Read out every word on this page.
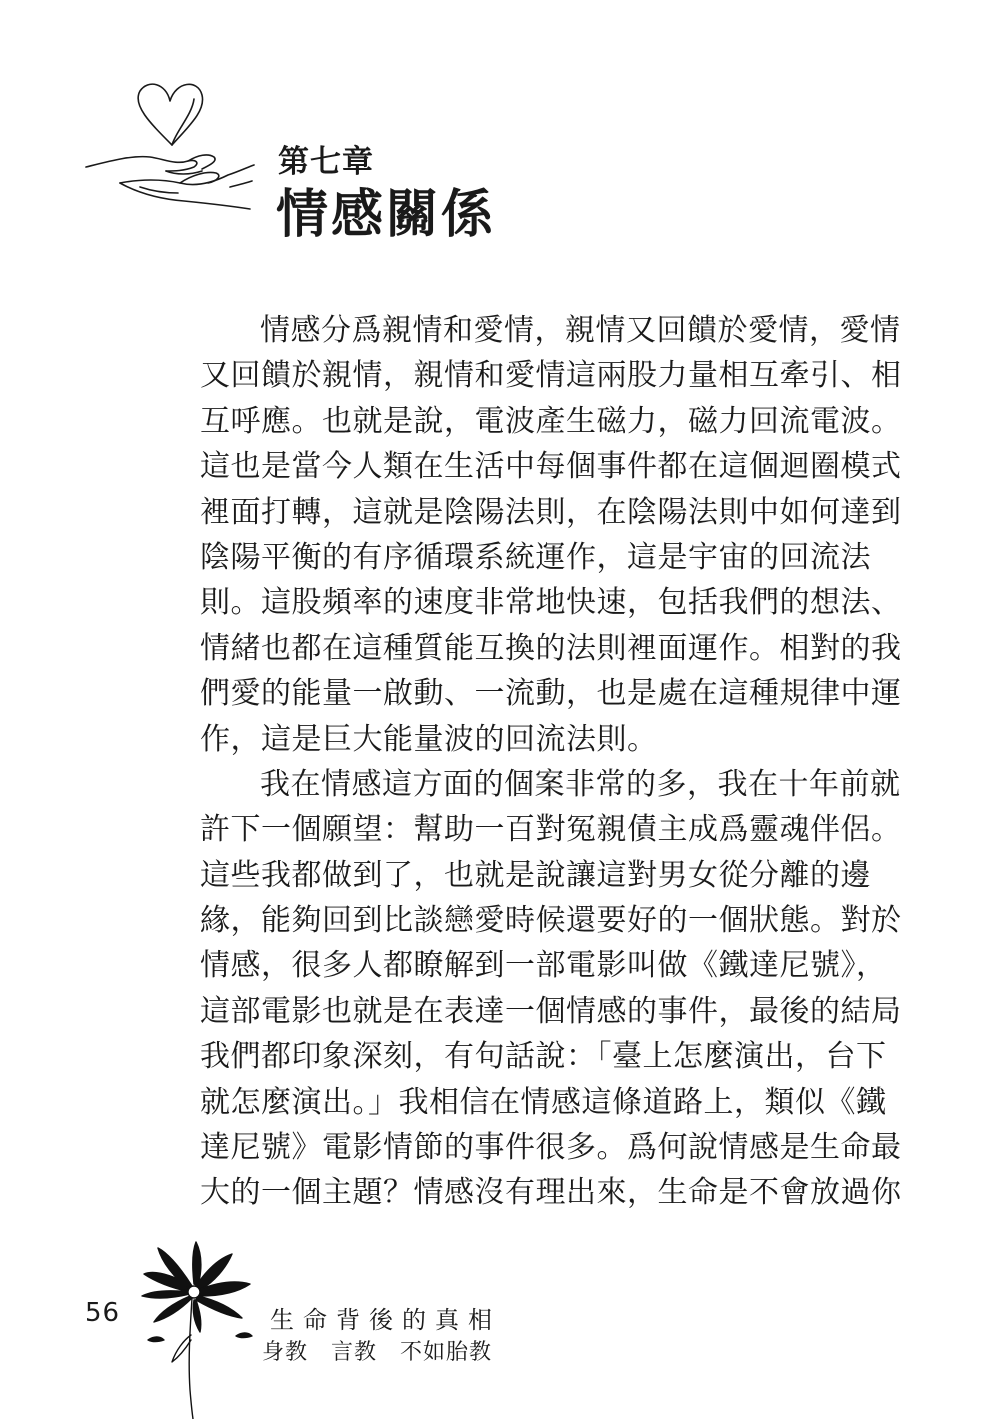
第七章
情感關係
情感分爲親情和愛情，親情又回饋於愛情，愛情
又回饋於親情，親情和愛情這兩股力量相互牽引、相
互呼應。也就是說，電波產生磁力，磁力回流電波。
這也是當今人類在生活中每個事件都在這個迴圈模式
裡面打轉，這就是陰陽法則，在陰陽法則中如何達到
陰陽平衡的有序循環系統運作，這是宇宙的回流法
則。這股頻率的速度非常地快速，包括我們的想法、
情緒也都在這種質能互換的法則裡面運作。相對的我
們愛的能量一啟動、一流動，也是處在這種規律中運
作，這是巨大能量波的回流法則。
我在情感這方面的個案非常的多，我在十年前就
許下一個願望：幫助一百對冤親債主成爲靈魂伴侶。
這些我都做到了，也就是說讓這對男女從分離的邊
緣，能夠回到比談戀愛時候還要好的一個狀態。對於
情感，很多人都瞭解到一部電影叫做《鐵達尼號》，
這部電影也就是在表達一個情感的事件，最後的結局
我們都印象深刻，有句話說：「臺上怎麼演出，台下
就怎麼演出。」我相信在情感這條道路上，類似《鐵
達尼號》電影情節的事件很多。爲何說情感是生命最
大的一個主題？情感沒有理出來，生命是不會放過你
56	生命背後的真相
身教　言教　不如胎教
